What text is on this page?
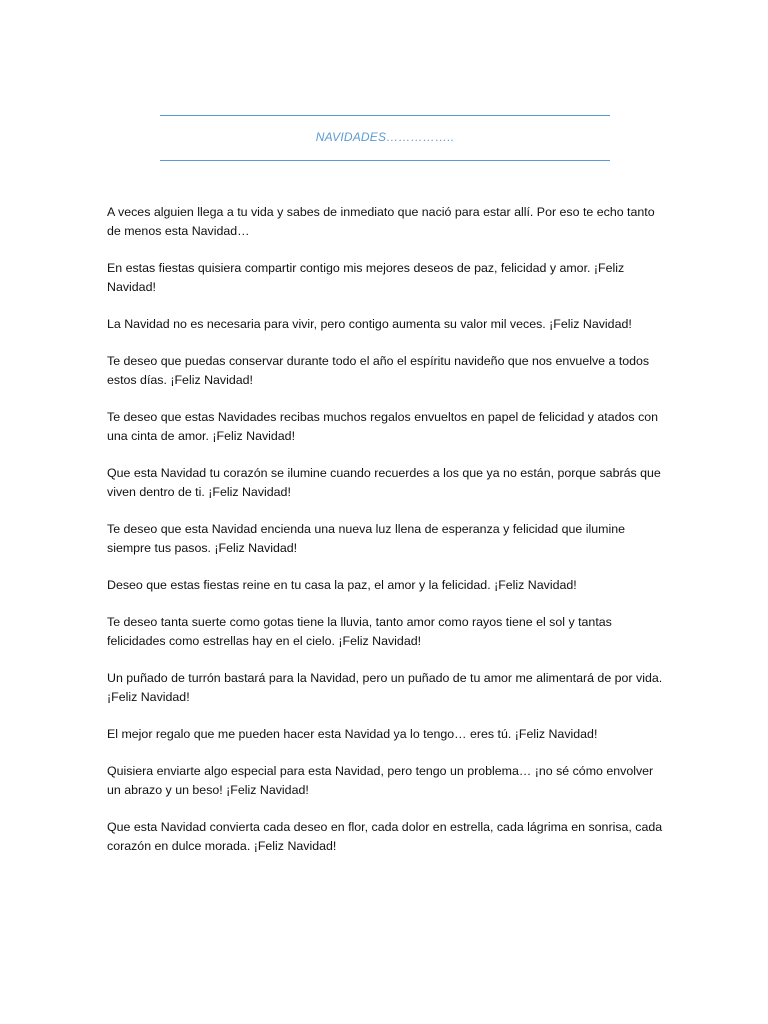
NAVIDADES……………..

A veces alguien llega a tu vida y sabes de inmediato que nació para estar allí. Por eso te echo tanto de menos esta Navidad…

En estas fiestas quisiera compartir contigo mis mejores deseos de paz, felicidad y amor. ¡Feliz Navidad!

La Navidad no es necesaria para vivir, pero contigo aumenta su valor mil veces. ¡Feliz Navidad!

Te deseo que puedas conservar durante todo el año el espíritu navideño que nos envuelve a todos estos días. ¡Feliz Navidad!

Te deseo que estas Navidades recibas muchos regalos envueltos en papel de felicidad y atados con una cinta de amor. ¡Feliz Navidad!

Que esta Navidad tu corazón se ilumine cuando recuerdes a los que ya no están, porque sabrás que viven dentro de ti. ¡Feliz Navidad!

Te deseo que esta Navidad encienda una nueva luz llena de esperanza y felicidad que ilumine siempre tus pasos. ¡Feliz Navidad!

Deseo que estas fiestas reine en tu casa la paz, el amor y la felicidad. ¡Feliz Navidad!

Te deseo tanta suerte como gotas tiene la lluvia, tanto amor como rayos tiene el sol y tantas felicidades como estrellas hay en el cielo. ¡Feliz Navidad!

Un puñado de turrón bastará para la Navidad, pero un puñado de tu amor me alimentará de por vida. ¡Feliz Navidad!

El mejor regalo que me pueden hacer esta Navidad ya lo tengo… eres tú. ¡Feliz Navidad!

Quisiera enviarte algo especial para esta Navidad, pero tengo un problema… ¡no sé cómo envolver un abrazo y un beso! ¡Feliz Navidad!

Que esta Navidad convierta cada deseo en flor, cada dolor en estrella, cada lágrima en sonrisa, cada corazón en dulce morada. ¡Feliz Navidad!
